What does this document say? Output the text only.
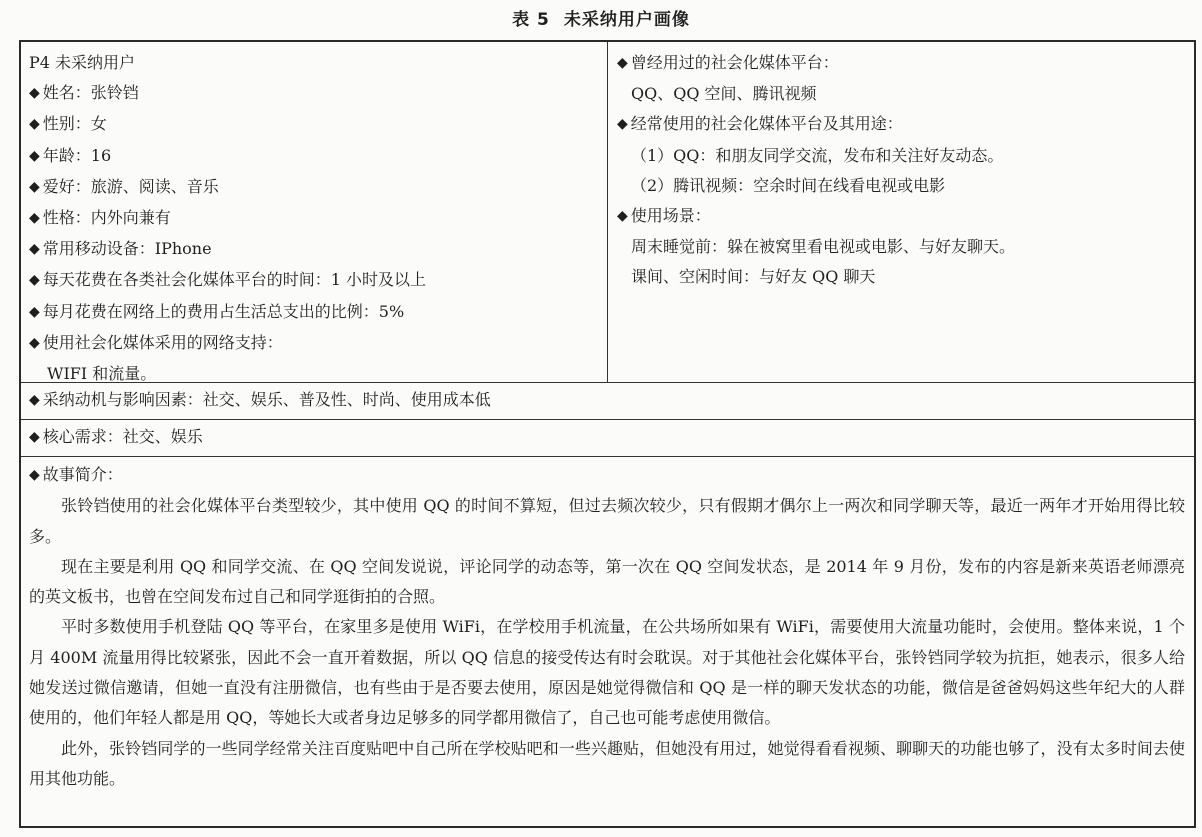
表 5 未采纳用户画像
P4 未采纳用户
◆ 姓名：张铃铛
◆ 性别：女
◆ 年龄：16
◆ 爱好：旅游、阅读、音乐
◆ 性格：内外向兼有
◆ 常用移动设备：IPhone
◆ 每天花费在各类社会化媒体平台的时间：1 小时及以上
◆ 每月花费在网络上的费用占生活总支出的比例：5%
◆ 使用社会化媒体采用的网络支持：
WIFI 和流量。
◆ 曾经用过的社会化媒体平台：
QQ、QQ 空间、腾讯视频
◆ 经常使用的社会化媒体平台及其用途：
（1）QQ：和朋友同学交流，发布和关注好友动态。
（2）腾讯视频：空余时间在线看电视或电影
◆ 使用场景：
周末睡觉前：躲在被窝里看电视或电影、与好友聊天。
课间、空闲时间：与好友 QQ 聊天
◆ 采纳动机与影响因素：社交、娱乐、普及性、时尚、使用成本低
◆ 核心需求：社交、娱乐
◆ 故事简介：

张铃铛使用的社会化媒体平台类型较少，其中使用 QQ 的时间不算短，但过去频次较少，只有假期才偶尔上一两次和同学聊天等，最近一两年才开始用得比较多。

现在主要是利用 QQ 和同学交流、在 QQ 空间发说说，评论同学的动态等，第一次在 QQ 空间发状态，是 2014 年 9 月份，发布的内容是新来英语老师漂亮的英文板书，也曾在空间发布过自己和同学逛街拍的合照。

平时多数使用手机登陆 QQ 等平台，在家里多是使用 WiFi，在学校用手机流量，在公共场所如果有 WiFi，需要使用大流量功能时，会使用。整体来说，1 个月 400M 流量用得比较紧张，因此不会一直开着数据，所以 QQ 信息的接受传达有时会耽误。对于其他社会化媒体平台，张铃铛同学较为抗拒，她表示，很多人给她发送过微信邀请，但她一直没有注册微信，也有些由于是否要去使用，原因是她觉得微信和 QQ 是一样的聊天发状态的功能，微信是爸爸妈妈这些年纪大的人群使用的，他们年轻人都是用 QQ，等她长大或者身边足够多的同学都用微信了，自己也可能考虑使用微信。

此外，张铃铛同学的一些同学经常关注百度贴吧中自己所在学校贴吧和一些兴趣贴，但她没有用过，她觉得看看视频、聊聊天的功能也够了，没有太多时间去使用其他功能。
